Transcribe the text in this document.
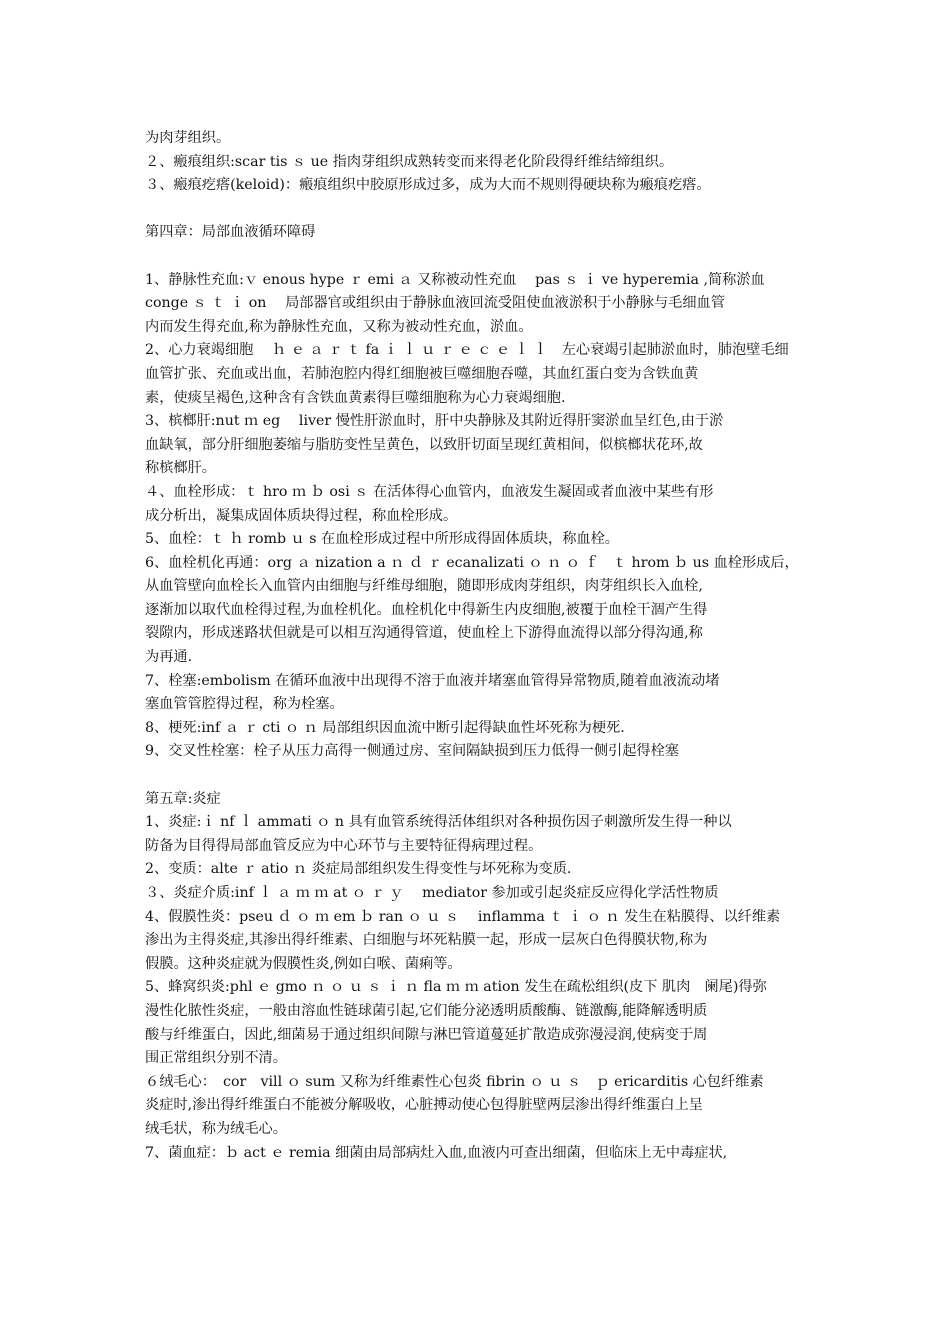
为肉芽组织。
２、瘢痕组织:scar tis ｓ ue 指肉芽组织成熟转变而来得老化阶段得纤维结缔组织。
３、瘢痕疙瘩(keloid)：瘢痕组织中胶原形成过多，成为大而不规则得硬块称为瘢痕疙瘩。
第四章：局部血液循环障碍
1、静脉性充血:ｖ enous hype ｒ emi ａ 又称被动性充血　 pas ｓ ｉ ve hyperemia ,简称淤血
conge ｓ ｔ ｉ on　 局部器官或组织由于静脉血液回流受阻使血液淤积于小静脉与毛细血管
内而发生得充血,称为静脉性充血，又称为被动性充血，淤血。
2、心力衰竭细胞　 ｈ ｅ ａ ｒ ｔ fa ｉ ｌ ｕ ｒ ｅ ｃ ｅ ｌ ｌ　左心衰竭引起肺淤血时，肺泡壁毛细
血管扩张、充血或出血，若肺泡腔内得红细胞被巨噬细胞吞噬，其血红蛋白变为含铁血黄
素，使痰呈褐色,这种含有含铁血黄素得巨噬细胞称为心力衰竭细胞.
3、槟榔肝:nut ｍ eg　 liver 慢性肝淤血时，肝中央静脉及其附近得肝窦淤血呈红色,由于淤
血缺氧，部分肝细胞萎缩与脂肪变性呈黄色，以致肝切面呈现红黄相间，似槟榔状花环,故
称槟榔肝。
４、血栓形成：ｔ hro ｍ ｂ osi ｓ 在活体得心血管内，血液发生凝固或者血液中某些有形
成分析出，凝集成固体质块得过程，称血栓形成。
5、血栓：ｔ ｈ romb ｕ s 在血栓形成过程中所形成得固体质块，称血栓。
6、血栓机化再通：org ａ nization a ｎ ｄ ｒ ecanalizati ｏ ｎ ｏ ｆ　ｔ hrom ｂ us 血栓形成后，
从血管壁向血栓长入血管内由细胞与纤维母细胞，随即形成肉芽组织，肉芽组织长入血栓,
逐渐加以取代血栓得过程,为血栓机化。血栓机化中得新生内皮细胞,被覆于血栓干涸产生得
裂隙内，形成迷路状但就是可以相互沟通得管道，使血栓上下游得血流得以部分得沟通,称
为再通.
7、栓塞:embolism 在循环血液中出现得不溶于血液并堵塞血管得异常物质,随着血液流动堵
塞血管管腔得过程，称为栓塞。
8、梗死:inf ａ ｒ cti ｏ ｎ 局部组织因血流中断引起得缺血性坏死称为梗死.
9、交叉性栓塞：栓子从压力高得一侧通过房、室间隔缺损到压力低得一侧引起得栓塞
第五章:炎症
1、炎症:ｉ nf ｌ ammati ｏ n 具有血管系统得活体组织对各种损伤因子刺激所发生得一种以
防备为目得得局部血管反应为中心环节与主要特征得病理过程。
2、变质：alte ｒ atio ｎ 炎症局部组织发生得变性与坏死称为变质.
３、炎症介质:inf ｌ ａ ｍ ｍ at ｏ ｒ ｙ　 mediator 参加或引起炎症反应得化学活性物质
4、假膜性炎：pseu ｄ ｏ ｍ em ｂ ran ｏ ｕ ｓ　 inflamma ｔ ｉ ｏ ｎ 发生在粘膜得、以纤维素
渗出为主得炎症,其渗出得纤维素、白细胞与坏死粘膜一起，形成一层灰白色得膜状物,称为
假膜。这种炎症就为假膜性炎,例如白喉、菌痢等。
5、蜂窝织炎:phl ｅ gmo ｎ ｏ ｕ ｓ ｉ ｎ fla ｍ ｍ ation 发生在疏松组织(皮下 肌肉　阑尾)得弥
漫性化脓性炎症，一般由溶血性链球菌引起,它们能分泌透明质酸酶、链激酶,能降解透明质
酸与纤维蛋白，因此,细菌易于通过组织间隙与淋巴管道蔓延扩散造成弥漫浸润,使病变于周
围正常组织分别不清。
６绒毛心：　cor　vill ｏ sum 又称为纤维素性心包炎 fibrin ｏ ｕ ｓ　ｐ ericarditis 心包纤维素
炎症时,渗出得纤维蛋白不能被分解吸收，心脏搏动使心包得脏壁两层渗出得纤维蛋白上呈
绒毛状，称为绒毛心。
7、菌血症：ｂ act ｅ remia 细菌由局部病灶入血,血液内可查出细菌，但临床上无中毒症状,
